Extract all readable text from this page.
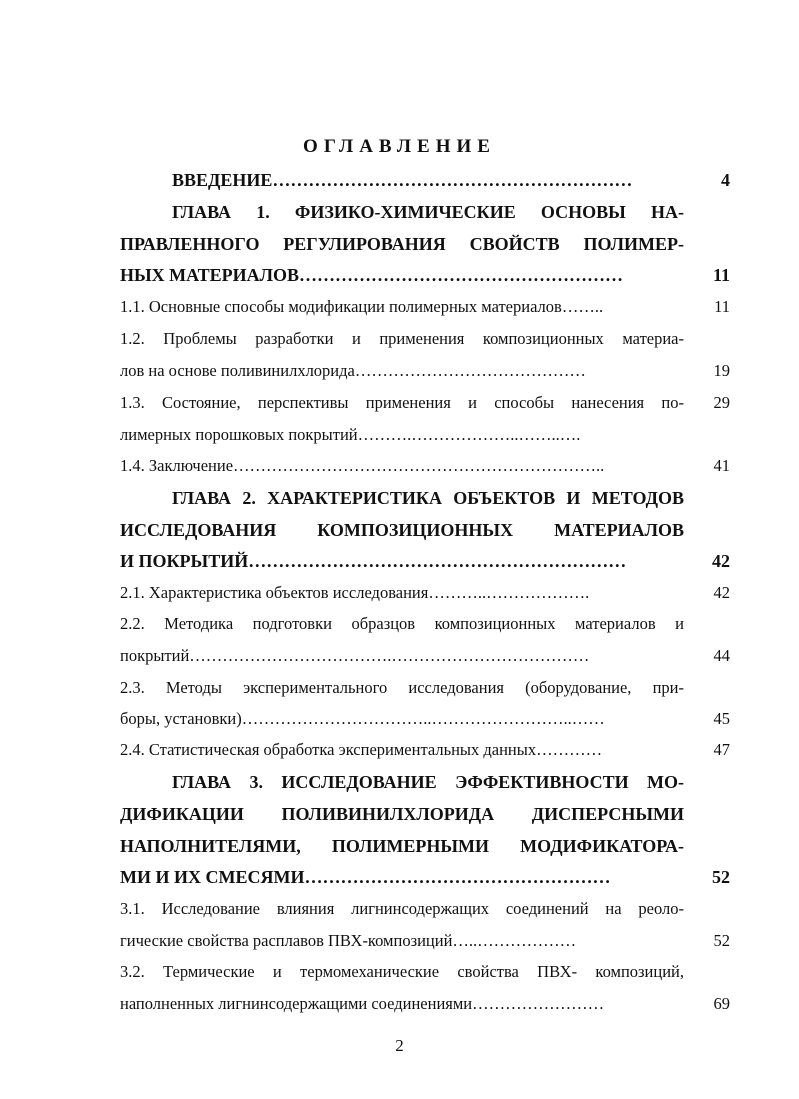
ОГЛАВЛЕНИЕ
ВВЕДЕНИЕ……………………………………………………	4
ГЛАВА 1. ФИЗИКО-ХИМИЧЕСКИЕ ОСНОВЫ НА-
ПРАВЛЕННОГО РЕГУЛИРОВАНИЯ СВОЙСТВ ПОЛИМЕР-
НЫХ МАТЕРИАЛОВ………………………………………………	11
1.1. Основные способы модификации полимерных материалов……..	11
1.2. Проблемы разработки и применения композиционных материа-
лов на основе поливинилхлорида……………………………………	19
1.3. Состояние, перспективы применения и способы нанесения по-	29
лимерных порошковых покрытий……….………………..……..….
1.4. Заключение…………………………………………………………..	41
ГЛАВА 2. ХАРАКТЕРИСТИКА ОБЪЕКТОВ И МЕТОДОВ
ИССЛЕДОВАНИЯ КОМПОЗИЦИОННЫХ МАТЕРИАЛОВ
И ПОКРЫТИЙ………………………………………………………	42
2.1. Характеристика объектов исследования………..……………….	42
2.2. Методика подготовки образцов композиционных материалов и
покрытий……………………………….………………………………	44
2.3. Методы экспериментального исследования (оборудование, при-
боры, установки)……………………………..……………………..……	45
2.4. Статистическая обработка экспериментальных данных…………	47
ГЛАВА 3. ИССЛЕДОВАНИЕ ЭФФЕКТИВНОСТИ МО-
ДИФИКАЦИИ ПОЛИВИНИЛХЛОРИДА ДИСПЕРСНЫМИ
НАПОЛНИТЕЛЯМИ, ПОЛИМЕРНЫМИ МОДИФИКАТОРА-
МИ И ИХ СМЕСЯМИ……………………………………………	52
3.1. Исследование влияния лигнинсодержащих соединений на реоло-
гические свойства расплавов ПВХ-композиций…..………………	52
3.2. Термические и термомеханические свойства ПВХ- композиций,
наполненных лигнинсодержащими соединениями……………………	69
2
